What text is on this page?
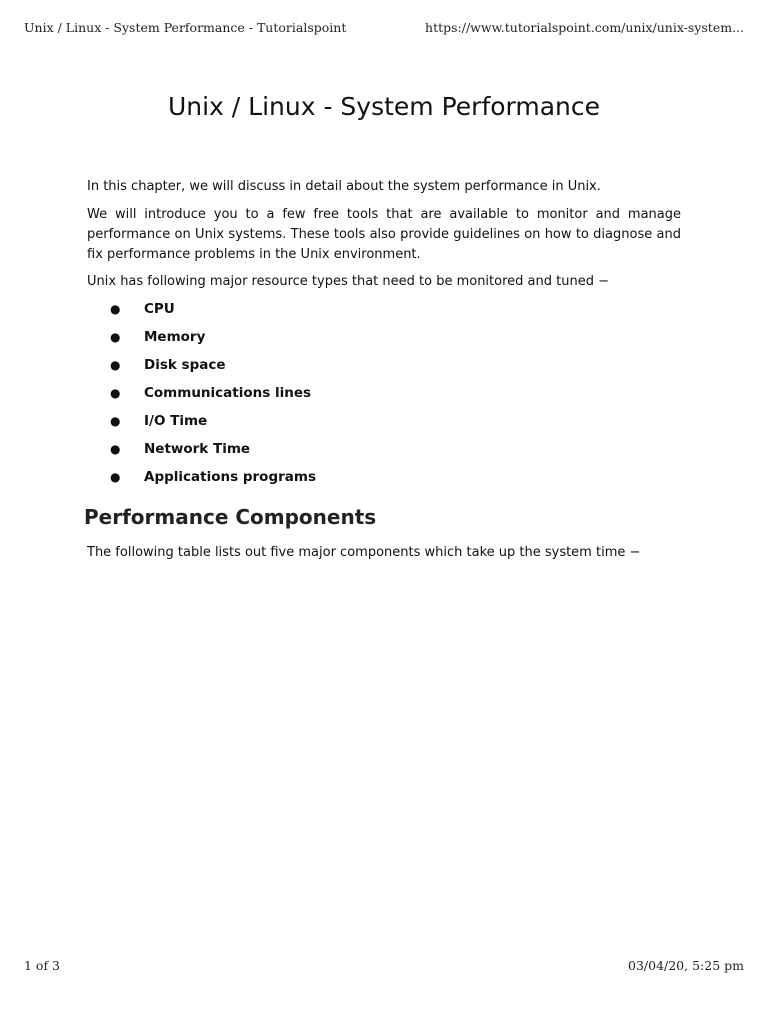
Unix / Linux - System Performance - Tutorialspoint	https://www.tutorialspoint.com/unix/unix-system...
Unix / Linux - System Performance

In this chapter, we will discuss in detail about the system performance in Unix.

We will introduce you to a few free tools that are available to monitor and manage performance on Unix systems. These tools also provide guidelines on how to diagnose and fix performance problems in the Unix environment.

Unix has following major resource types that need to be monitored and tuned −

● CPU
● Memory
● Disk space
● Communications lines
● I/O Time
● Network Time
● Applications programs
Performance Components

The following table lists out five major components which take up the system time −

1 of 3	03/04/20, 5:25 pm
